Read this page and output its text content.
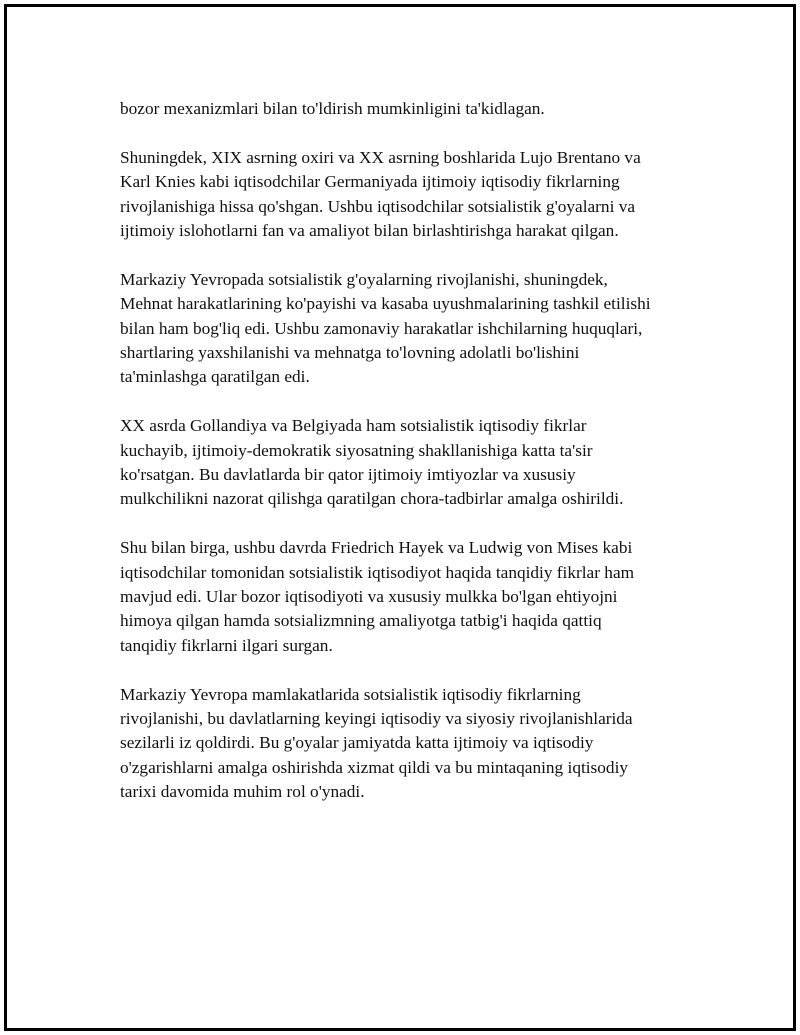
bozor mexanizmlari bilan to'ldirish mumkinligini ta'kidlagan.

Shuningdek, XIX asrning oxiri va XX asrning boshlarida Lujo Brentano va
Karl Knies kabi iqtisodchilar Germaniyada ijtimoiy iqtisodiy fikrlarning
rivojlanishiga hissa qo'shgan. Ushbu iqtisodchilar sotsialistik g'oyalarni va
ijtimoiy islohotlarni fan va amaliyot bilan birlashtirishga harakat qilgan.

Markaziy Yevropada sotsialistik g'oyalarning rivojlanishi, shuningdek,
Mehnat harakatlarining ko'payishi va kasaba uyushmalarining tashkil etilishi
bilan ham bog'liq edi. Ushbu zamonaviy harakatlar ishchilarning huquqlari,
shartlaring yaxshilanishi va mehnatga to'lovning adolatli bo'lishini
ta'minlashga qaratilgan edi.

XX asrda Gollandiya va Belgiyada ham sotsialistik iqtisodiy fikrlar
kuchayib, ijtimoiy-demokratik siyosatning shakllanishiga katta ta'sir
ko'rsatgan. Bu davlatlarda bir qator ijtimoiy imtiyozlar va xususiy
mulkchilikni nazorat qilishga qaratilgan chora-tadbirlar amalga oshirildi.

Shu bilan birga, ushbu davrda Friedrich Hayek va Ludwig von Mises kabi
iqtisodchilar tomonidan sotsialistik iqtisodiyot haqida tanqidiy fikrlar ham
mavjud edi. Ular bozor iqtisodiyoti va xususiy mulkka bo'lgan ehtiyojni
himoya qilgan hamda sotsializmning amaliyotga tatbig'i haqida qattiq
tanqidiy fikrlarni ilgari surgan.

Markaziy Yevropa mamlakatlarida sotsialistik iqtisodiy fikrlarning
rivojlanishi, bu davlatlarning keyingi iqtisodiy va siyosiy rivojlanishlarida
sezilarli iz qoldirdi. Bu g'oyalar jamiyatda katta ijtimoiy va iqtisodiy
o'zgarishlarni amalga oshirishda xizmat qildi va bu mintaqaning iqtisodiy
tarixi davomida muhim rol o'ynadi.
